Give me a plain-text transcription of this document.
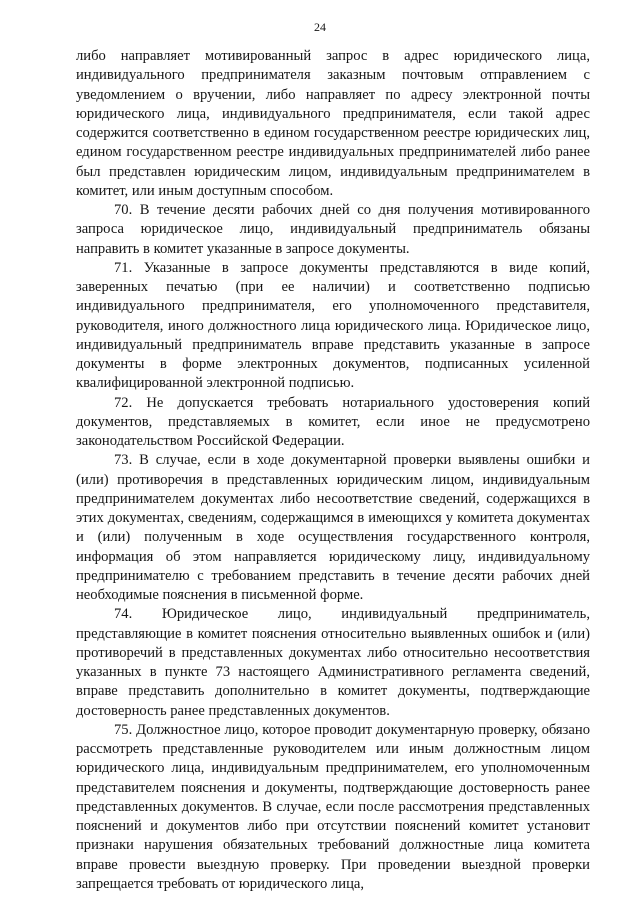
24

либо направляет мотивированный запрос в адрес юридического лица, индивидуального предпринимателя заказным почтовым отправлением с уведомлением о вручении, либо направляет по адресу электронной почты юридического лица, индивидуального предпринимателя, если такой адрес содержится соответственно в едином государственном реестре юридических лиц, едином государственном реестре индивидуальных предпринимателей либо ранее был представлен юридическим лицом, индивидуальным предпринимателем в комитет, или иным доступным способом.

70. В течение десяти рабочих дней со дня получения мотивированного запроса юридическое лицо, индивидуальный предприниматель обязаны направить в комитет указанные в запросе документы.

71. Указанные в запросе документы представляются в виде копий, заверенных печатью (при ее наличии) и соответственно подписью индивидуального предпринимателя, его уполномоченного представителя, руководителя, иного должностного лица юридического лица. Юридическое лицо, индивидуальный предприниматель вправе представить указанные в запросе документы в форме электронных документов, подписанных усиленной квалифицированной электронной подписью.

72. Не допускается требовать нотариального удостоверения копий документов, представляемых в комитет, если иное не предусмотрено законодательством Российской Федерации.

73. В случае, если в ходе документарной проверки выявлены ошибки и (или) противоречия в представленных юридическим лицом, индивидуальным предпринимателем документах либо несоответствие сведений, содержащихся в этих документах, сведениям, содержащимся в имеющихся у комитета документах и (или) полученным в ходе осуществления государственного контроля, информация об этом направляется юридическому лицу, индивидуальному предпринимателю с требованием представить в течение десяти рабочих дней необходимые пояснения в письменной форме.

74. Юридическое лицо, индивидуальный предприниматель, представляющие в комитет пояснения относительно выявленных ошибок и (или) противоречий в представленных документах либо относительно несоответствия указанных в пункте 73 настоящего Административного регламента сведений, вправе представить дополнительно в комитет документы, подтверждающие достоверность ранее представленных документов.

75. Должностное лицо, которое проводит документарную проверку, обязано рассмотреть представленные руководителем или иным должностным лицом юридического лица, индивидуальным предпринимателем, его уполномоченным представителем пояснения и документы, подтверждающие достоверность ранее представленных документов. В случае, если после рассмотрения представленных пояснений и документов либо при отсутствии пояснений комитет установит признаки нарушения обязательных требований должностные лица комитета вправе провести выездную проверку. При проведении выездной проверки запрещается требовать от юридического лица,
